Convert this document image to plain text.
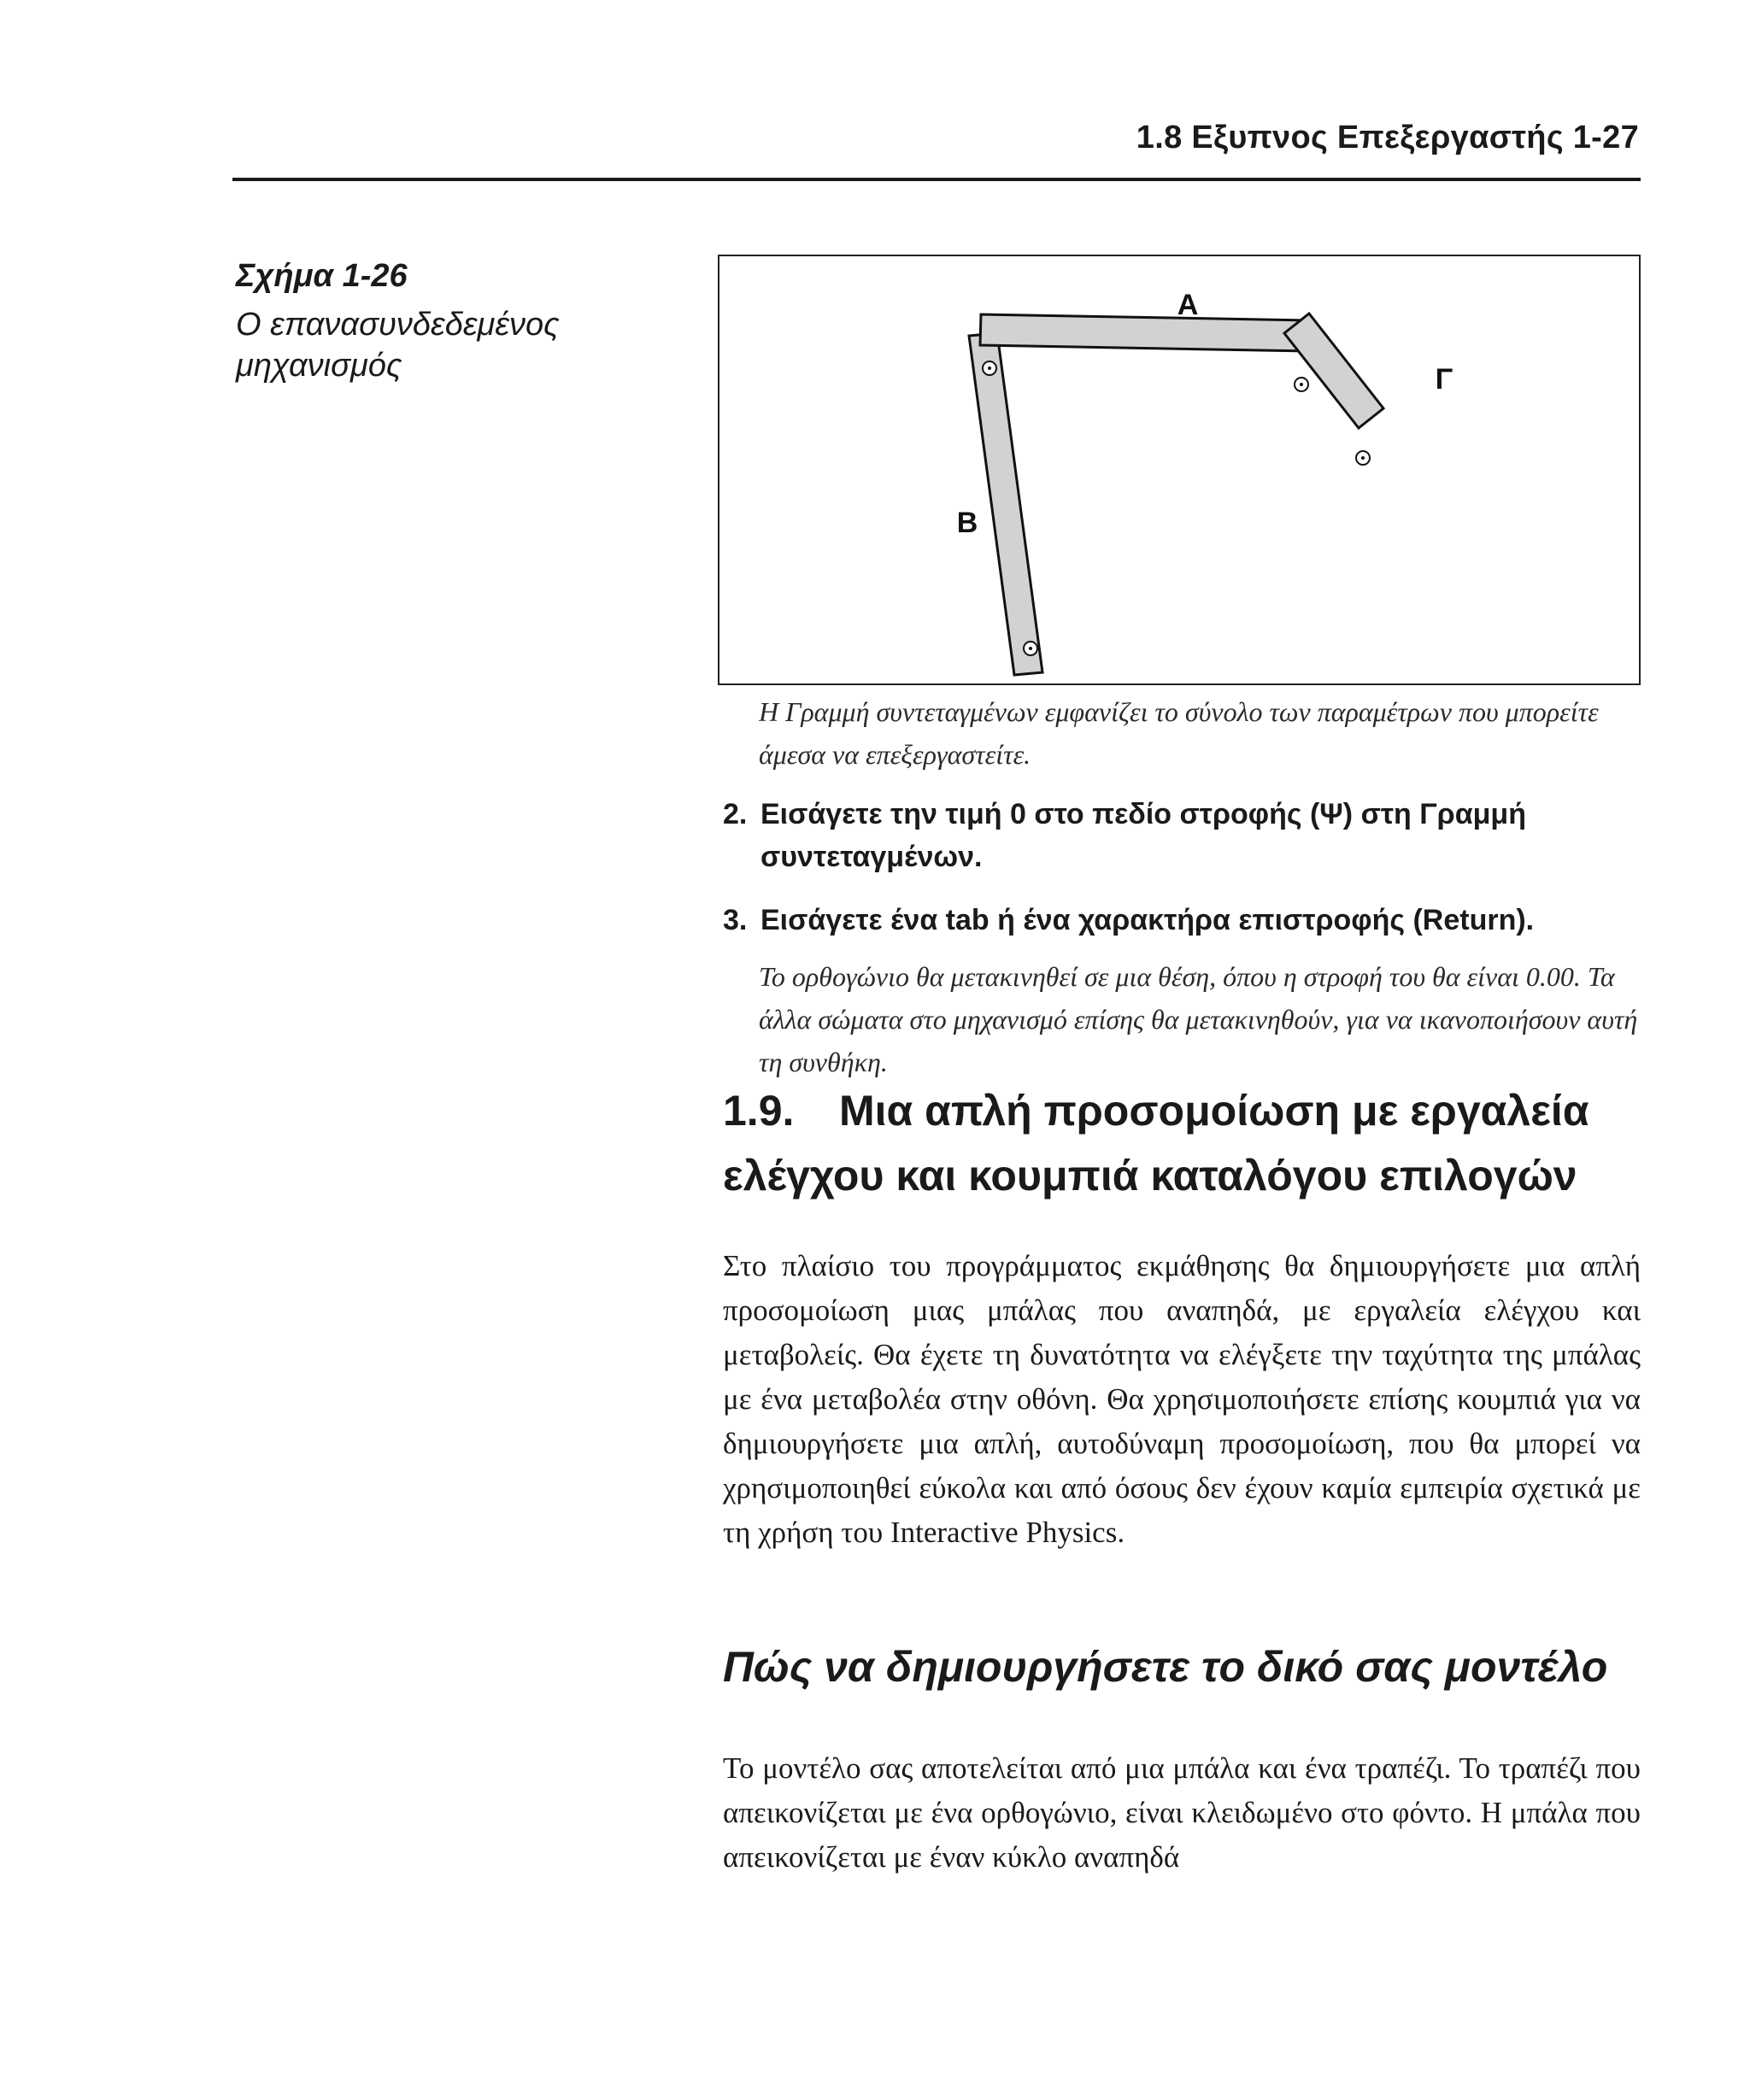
1.8 Εξυπνος Επεξεργαστής 1-27
Σχήμα 1-26
Ο επανασυνδεδεμένος μηχανισμός
A
B
Γ
Η Γραμμή συντεταγμένων εμφανίζει το σύνολο των παραμέτρων που μπορείτε άμεσα να επεξεργαστείτε.
2. Εισάγετε την τιμή 0 στο πεδίο στροφής (Ψ) στη Γραμμή
συντεταγμένων.
3. Εισάγετε ένα tab ή ένα χαρακτήρα επιστροφής (Return).
Το ορθογώνιο θα μετακινηθεί σε μια θέση, όπου η στροφή του θα είναι 0.00. Τα άλλα σώματα στο μηχανισμό επίσης θα μετακινηθούν, για να ικανοποιήσουν αυτή τη συνθήκη.
1.9. Μια απλή προσομοίωση με εργαλεία
ελέγχου και κουμπιά καταλόγου επιλογών
Στο πλαίσιο του προγράμματος εκμάθησης θα δημιουργήσετε μια απλή προσομοίωση μιας μπάλας που αναπηδά, με εργαλεία ελέγχου και μεταβολείς. Θα έχετε τη δυνατότητα να ελέγξετε την ταχύτητα της μπάλας με ένα μεταβολέα στην οθόνη. Θα χρησιμοποιήσετε επίσης κουμπιά για να δημιουργήσετε μια απλή, αυτοδύναμη προσομοίωση, που θα μπορεί να χρησιμοποιηθεί εύκολα και από όσους δεν έχουν καμία εμπειρία σχετικά με τη χρήση του Interactive Physics.
Πώς να δημιουργήσετε το δικό σας μοντέλο
Το μοντέλο σας αποτελείται από μια μπάλα και ένα τραπέζι. Το τραπέζι που απεικονίζεται με ένα ορθογώνιο, είναι κλειδωμένο στο φόντο. Η μπάλα που απεικονίζεται με έναν κύκλο αναπηδά
